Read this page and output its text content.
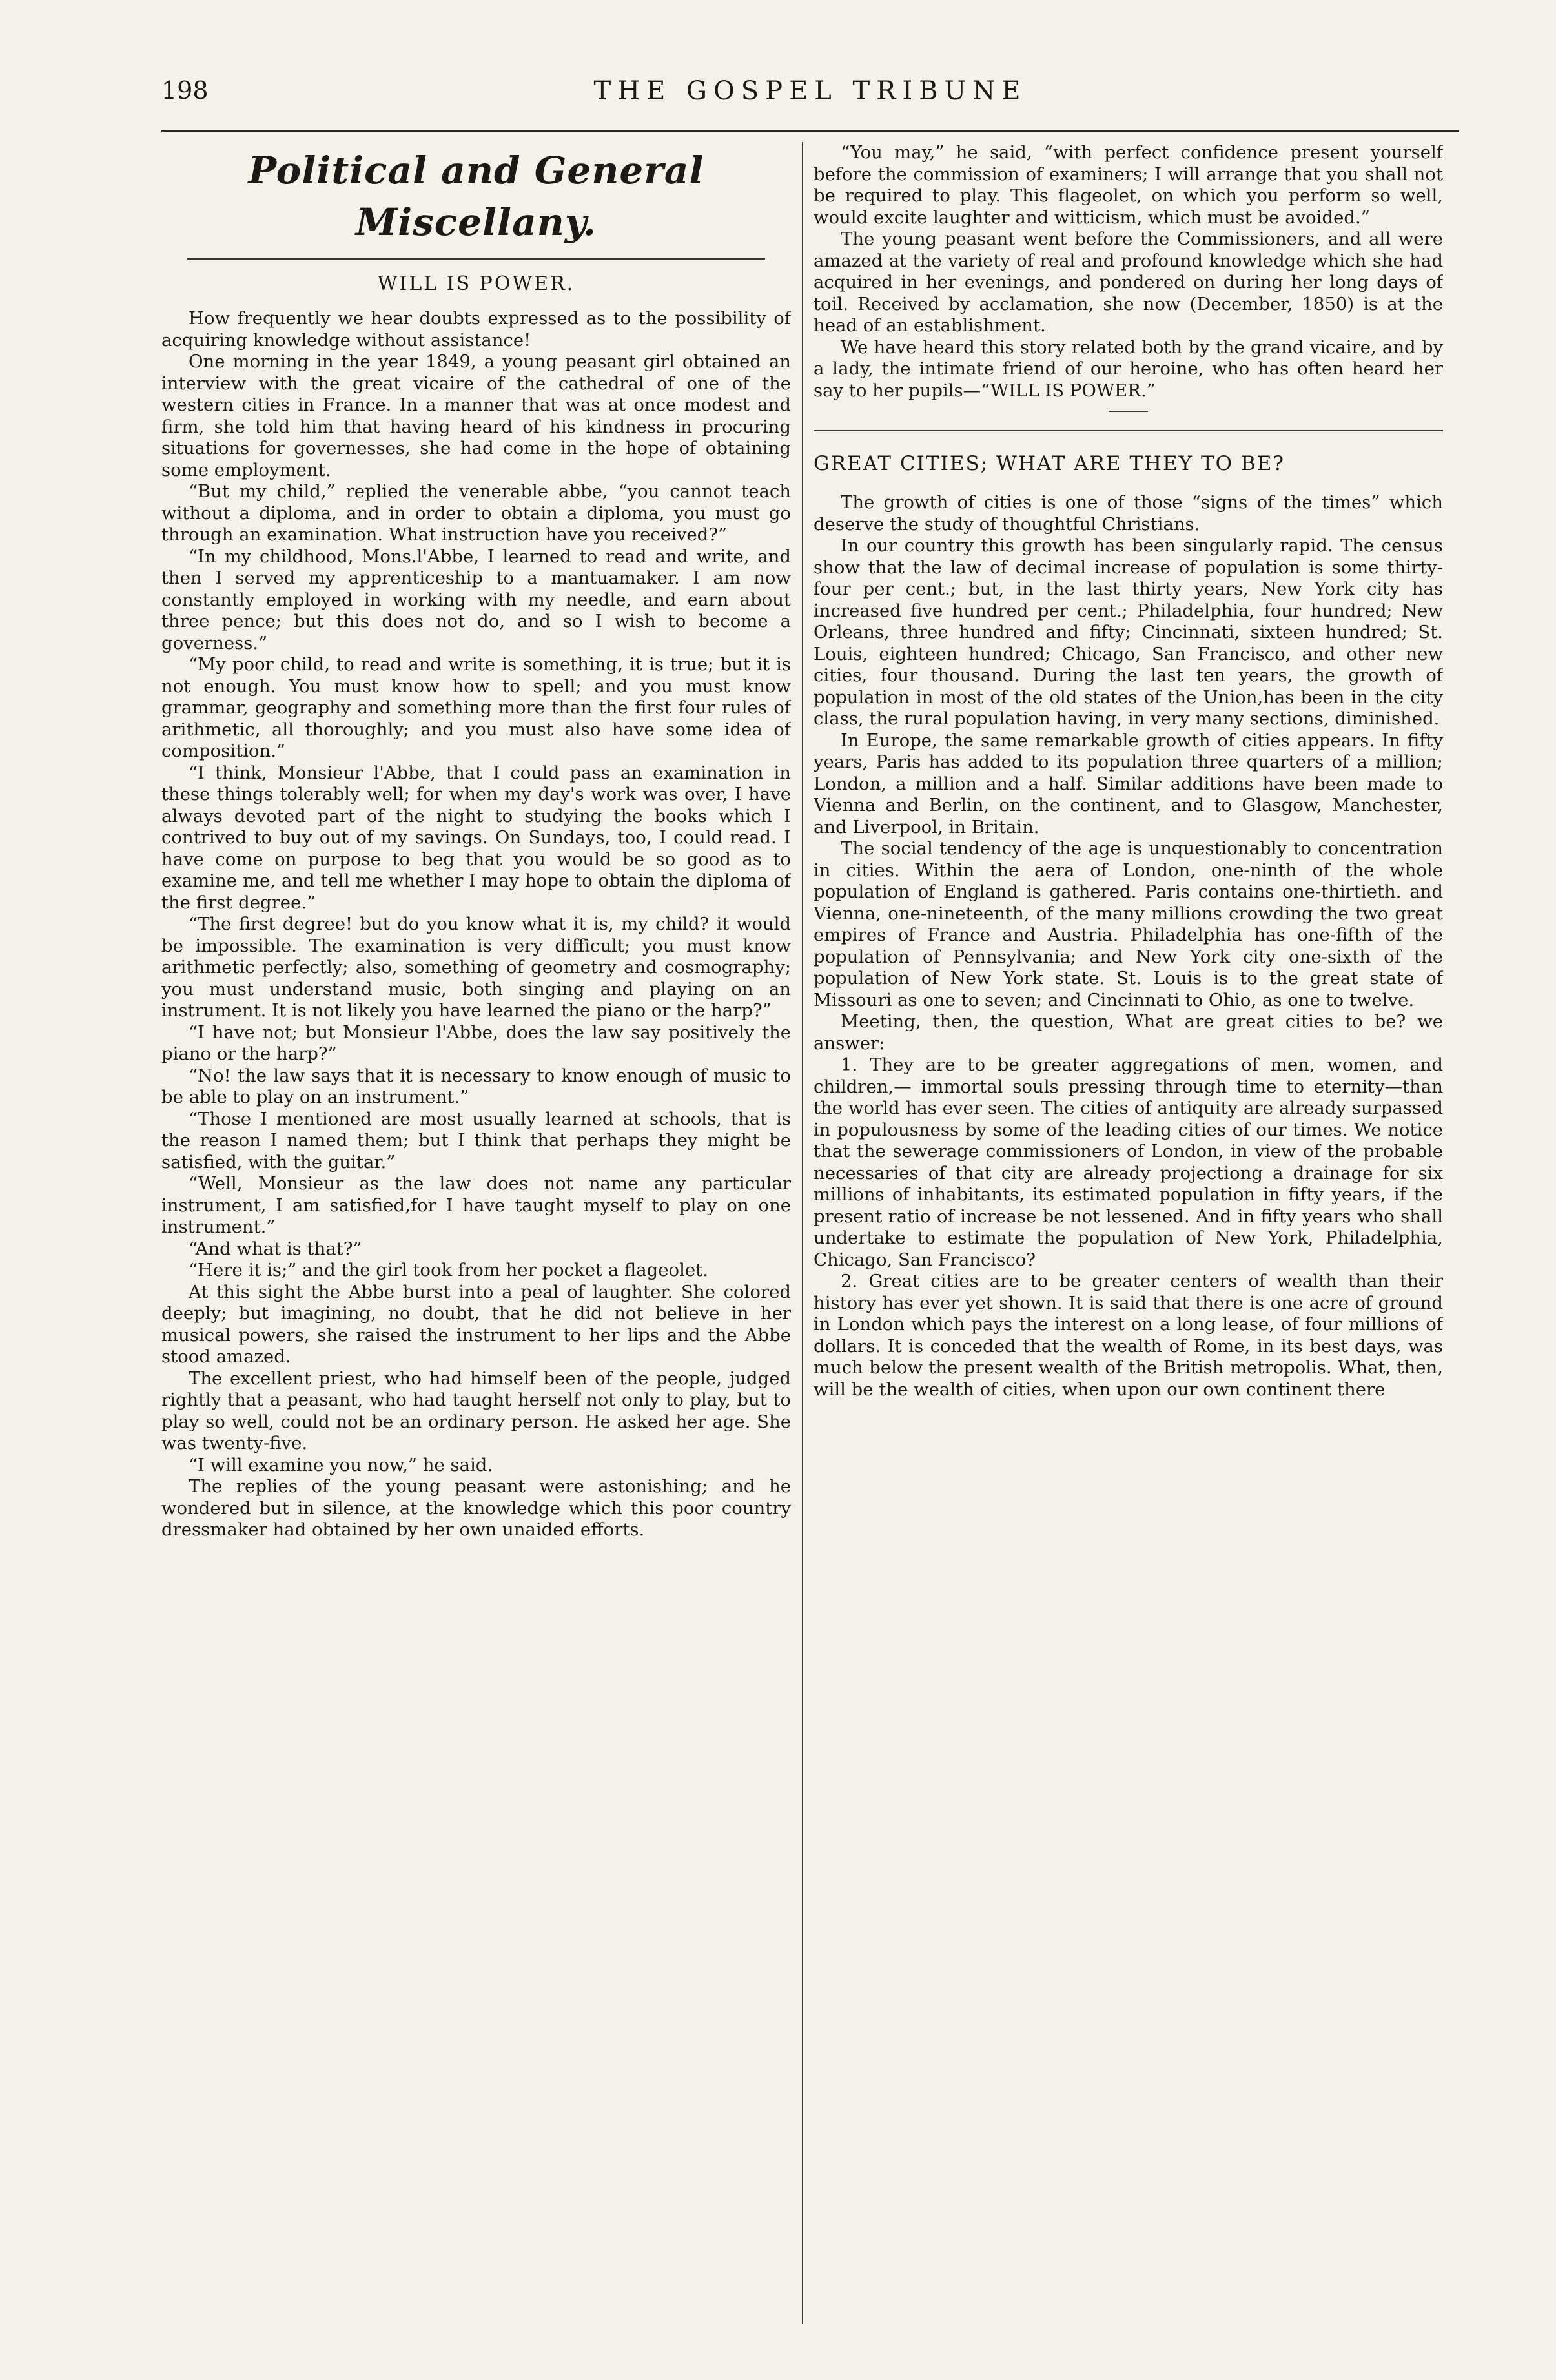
198	THE GOSPEL TRIBUNE
Political and General Miscellany.
WILL IS POWER.

How frequently we hear doubts expressed as to the possibility of acquiring knowledge without assistance!

One morning in the year 1849, a young peasant girl obtained an interview with the great vicaire of the cathedral of one of the western cities in France. In a manner that was at once modest and firm, she told him that having heard of his kindness in procuring situations for governesses, she had come in the hope of obtaining some employment.

“But my child,” replied the venerable abbe, “you cannot teach without a diploma, and in order to obtain a diploma, you must go through an examination. What instruction have you received?”

“In my childhood, Mons.l'Abbe, I learned to read and write, and then I served my apprenticeship to a mantuamaker. I am now constantly employed in working with my needle, and earn about three pence; but this does not do, and so I wish to become a governess.”

“My poor child, to read and write is something, it is true; but it is not enough. You must know how to spell; and you must know grammar, geography and something more than the first four rules of arithmetic, all thoroughly; and you must also have some idea of composition.”

“I think, Monsieur l'Abbe, that I could pass an examination in these things tolerably well; for when my day's work was over, I have always devoted part of the night to studying the books which I contrived to buy out of my savings. On Sundays, too, I could read. I have come on purpose to beg that you would be so good as to examine me, and tell me whether I may hope to obtain the diploma of the first degree.”

“The first degree! but do you know what it is, my child? it would be impossible. The examination is very difficult; you must know arithmetic perfectly; also, something of geometry and cosmography; you must understand music, both singing and playing on an instrument. It is not likely you have learned the piano or the harp?”

“I have not; but Monsieur l'Abbe, does the law say positively the piano or the harp?”

“No! the law says that it is necessary to know enough of music to be able to play on an instrument.”

“Those I mentioned are most usually learned at schools, that is the reason I named them; but I think that perhaps they might be satisfied, with the guitar.”

“Well, Monsieur as the law does not name any particular instrument, I am satisfied,for I have taught myself to play on one instrument.”

“And what is that?”

“Here it is;” and the girl took from her pocket a flageolet.

At this sight the Abbe burst into a peal of laughter. She colored deeply; but imagining, no doubt, that he did not believe in her musical powers, she raised the instrument to her lips and the Abbe stood amazed.

The excellent priest, who had himself been of the people, judged rightly that a peasant, who had taught herself not only to play, but to play so well, could not be an ordinary person. He asked her age. She was twenty-five.

“I will examine you now,” he said.

The replies of the young peasant were astonishing; and he wondered but in silence, at the knowledge which this poor country dressmaker had obtained by her own unaided efforts.

“You may,” he said, “with perfect confidence present yourself before the commission of examiners; I will arrange that you shall not be required to play. This flageolet, on which you perform so well, would excite laughter and witticism, which must be avoided.”

The young peasant went before the Commissioners, and all were amazed at the variety of real and profound knowledge which she had acquired in her evenings, and pondered on during her long days of toil. Received by acclamation, she now (December, 1850) is at the head of an establishment.

We have heard this story related both by the grand vicaire, and by a lady, the intimate friend of our heroine, who has often heard her say to her pupils—“WILL IS POWER.”

GREAT CITIES; WHAT ARE THEY TO BE?

The growth of cities is one of those “signs of the times” which deserve the study of thoughtful Christians.

In our country this growth has been singularly rapid. The census show that the law of decimal increase of population is some thirty-four per cent.; but, in the last thirty years, New York city has increased five hundred per cent.; Philadelphia, four hundred; New Orleans, three hundred and fifty; Cincinnati, sixteen hundred; St. Louis, eighteen hundred; Chicago, San Francisco, and other new cities, four thousand. During the last ten years, the growth of population in most of the old states of the Union,has been in the city class, the rural population having, in very many sections, diminished.

In Europe, the same remarkable growth of cities appears. In fifty years, Paris has added to its population three quarters of a million; London, a million and a half. Similar additions have been made to Vienna and Berlin, on the continent, and to Glasgow, Manchester, and Liverpool, in Britain.

The social tendency of the age is unquestionably to concentration in cities. Within the aera of London, one-ninth of the whole population of England is gathered. Paris contains one-thirtieth. and Vienna, one-nineteenth, of the many millions crowding the two great empires of France and Austria. Philadelphia has one-fifth of the population of Pennsylvania; and New York city one-sixth of the population of New York state. St. Louis is to the great state of Missouri as one to seven; and Cincinnati to Ohio, as one to twelve.

Meeting, then, the question, What are great cities to be? we answer:

1. They are to be greater aggregations of men, women, and children,— immortal souls pressing through time to eternity—than the world has ever seen. The cities of antiquity are already surpassed in populousness by some of the leading cities of our times. We notice that the sewerage commissioners of London, in view of the probable necessaries of that city are already projectiong a drainage for six millions of inhabitants, its estimated population in fifty years, if the present ratio of increase be not lessened. And in fifty years who shall undertake to estimate the population of New York, Philadelphia, Chicago, San Francisco?

2. Great cities are to be greater centers of wealth than their history has ever yet shown. It is said that there is one acre of ground in London which pays the interest on a long lease, of four millions of dollars. It is conceded that the wealth of Rome, in its best days, was much below the present wealth of the British metropolis. What, then, will be the wealth of cities, when upon our own continent there
